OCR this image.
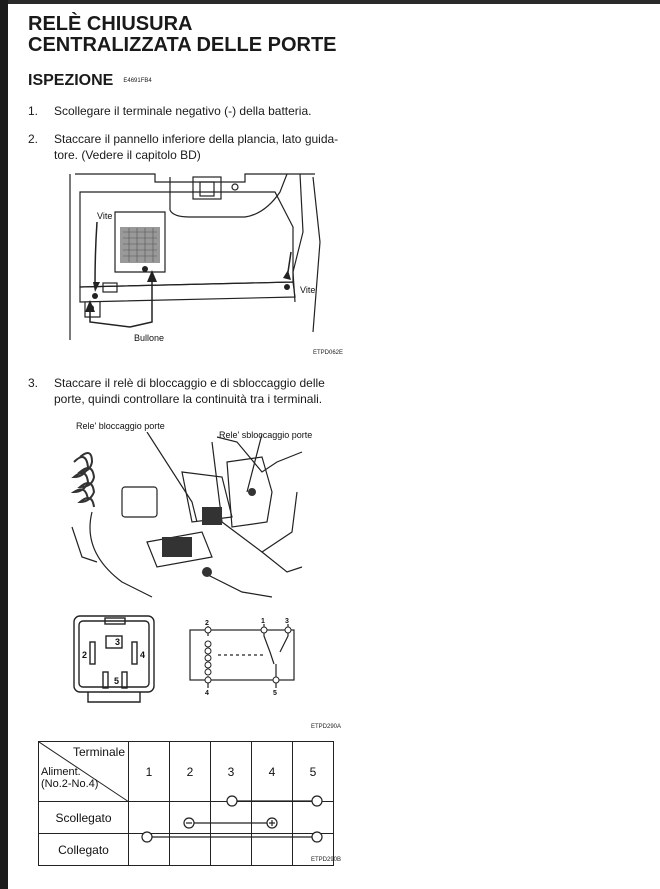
RELÈ CHIUSURA
CENTRALIZZATA DELLE PORTE
ISPEZIONE E4691FB4
1. Scollegare il terminale negativo (-) della batteria.
2. Staccare il pannello inferiore della plancia, lato guida-
tore. (Vedere il capitolo BD)
Vite
Vite
Bullone
ETPD062E
3. Staccare il relè di bloccaggio e di sbloccaggio delle
porte, quindi controllare la continuità tra i terminali.
Rele' bloccaggio porte
Rele' sbloccaggio porte
3
2	4
5
2	1	3
4	5
ETPD290A
Terminale
Aliment.
(No.2-No.4)	1	2	3	4	5
Scollegato					
Collegato					
ETPD290B
